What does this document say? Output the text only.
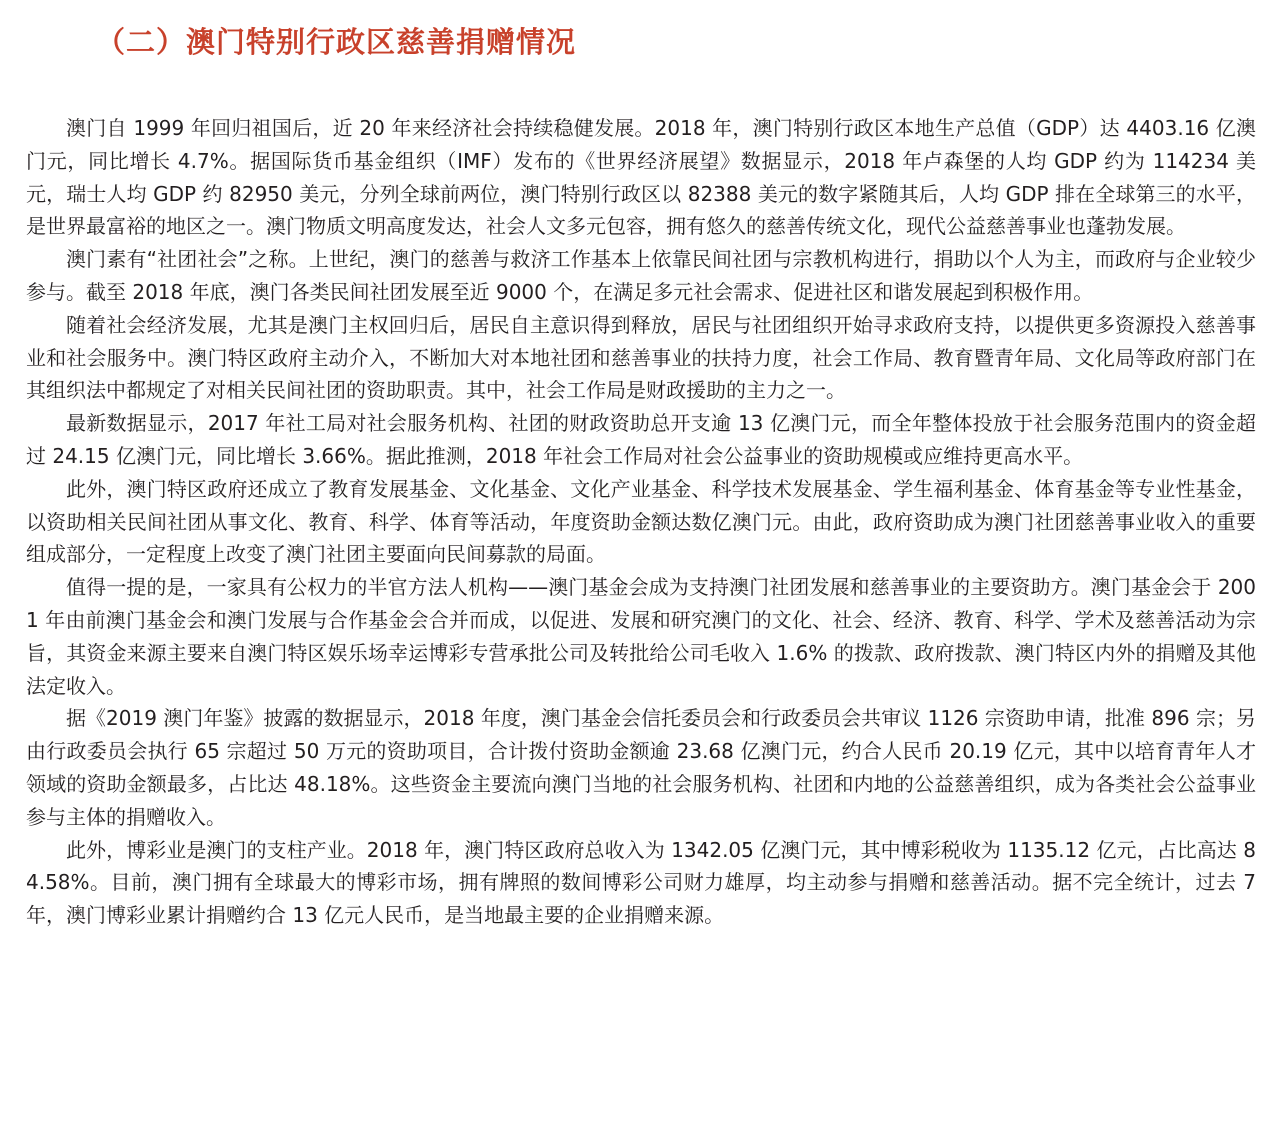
（二）澳门特别行政区慈善捐赠情况

澳门自 1999 年回归祖国后，近 20 年来经济社会持续稳健发展。2018 年，澳门特别行政区本地生产总值（GDP）达 4403.16 亿澳门元，同比增长 4.7%。据国际货币基金组织（IMF）发布的《世界经济展望》数据显示，2018 年卢森堡的人均 GDP 约为 114234 美元，瑞士人均 GDP 约 82950 美元，分列全球前两位，澳门特别行政区以 82388 美元的数字紧随其后，人均 GDP 排在全球第三的水平，是世界最富裕的地区之一。澳门物质文明高度发达，社会人文多元包容，拥有悠久的慈善传统文化，现代公益慈善事业也蓬勃发展。

澳门素有“社团社会”之称。上世纪，澳门的慈善与救济工作基本上依靠民间社团与宗教机构进行，捐助以个人为主，而政府与企业较少参与。截至 2018 年底，澳门各类民间社团发展至近 9000 个，在满足多元社会需求、促进社区和谐发展起到积极作用。

随着社会经济发展，尤其是澳门主权回归后，居民自主意识得到释放，居民与社团组织开始寻求政府支持，以提供更多资源投入慈善事业和社会服务中。澳门特区政府主动介入，不断加大对本地社团和慈善事业的扶持力度，社会工作局、教育暨青年局、文化局等政府部门在其组织法中都规定了对相关民间社团的资助职责。其中，社会工作局是财政援助的主力之一。

最新数据显示，2017 年社工局对社会服务机构、社团的财政资助总开支逾 13 亿澳门元，而全年整体投放于社会服务范围内的资金超过 24.15 亿澳门元，同比增长 3.66%。据此推测，2018 年社会工作局对社会公益事业的资助规模或应维持更高水平。

此外，澳门特区政府还成立了教育发展基金、文化基金、文化产业基金、科学技术发展基金、学生福利基金、体育基金等专业性基金，以资助相关民间社团从事文化、教育、科学、体育等活动，年度资助金额达数亿澳门元。由此，政府资助成为澳门社团慈善事业收入的重要组成部分，一定程度上改变了澳门社团主要面向民间募款的局面。

值得一提的是，一家具有公权力的半官方法人机构——澳门基金会成为支持澳门社团发展和慈善事业的主要资助方。澳门基金会于 2001 年由前澳门基金会和澳门发展与合作基金会合并而成，以促进、发展和研究澳门的文化、社会、经济、教育、科学、学术及慈善活动为宗旨，其资金来源主要来自澳门特区娱乐场幸运博彩专营承批公司及转批给公司毛收入 1.6% 的拨款、政府拨款、澳门特区内外的捐赠及其他法定收入。

据《2019 澳门年鉴》披露的数据显示，2018 年度，澳门基金会信托委员会和行政委员会共审议 1126 宗资助申请，批准 896 宗；另由行政委员会执行 65 宗超过 50 万元的资助项目，合计拨付资助金额逾 23.68 亿澳门元，约合人民币 20.19 亿元，其中以培育青年人才领域的资助金额最多，占比达 48.18%。这些资金主要流向澳门当地的社会服务机构、社团和内地的公益慈善组织，成为各类社会公益事业参与主体的捐赠收入。

此外，博彩业是澳门的支柱产业。2018 年，澳门特区政府总收入为 1342.05 亿澳门元，其中博彩税收为 1135.12 亿元，占比高达 84.58%。目前，澳门拥有全球最大的博彩市场，拥有牌照的数间博彩公司财力雄厚，均主动参与捐赠和慈善活动。据不完全统计，过去 7 年，澳门博彩业累计捐赠约合 13 亿元人民币，是当地最主要的企业捐赠来源。
